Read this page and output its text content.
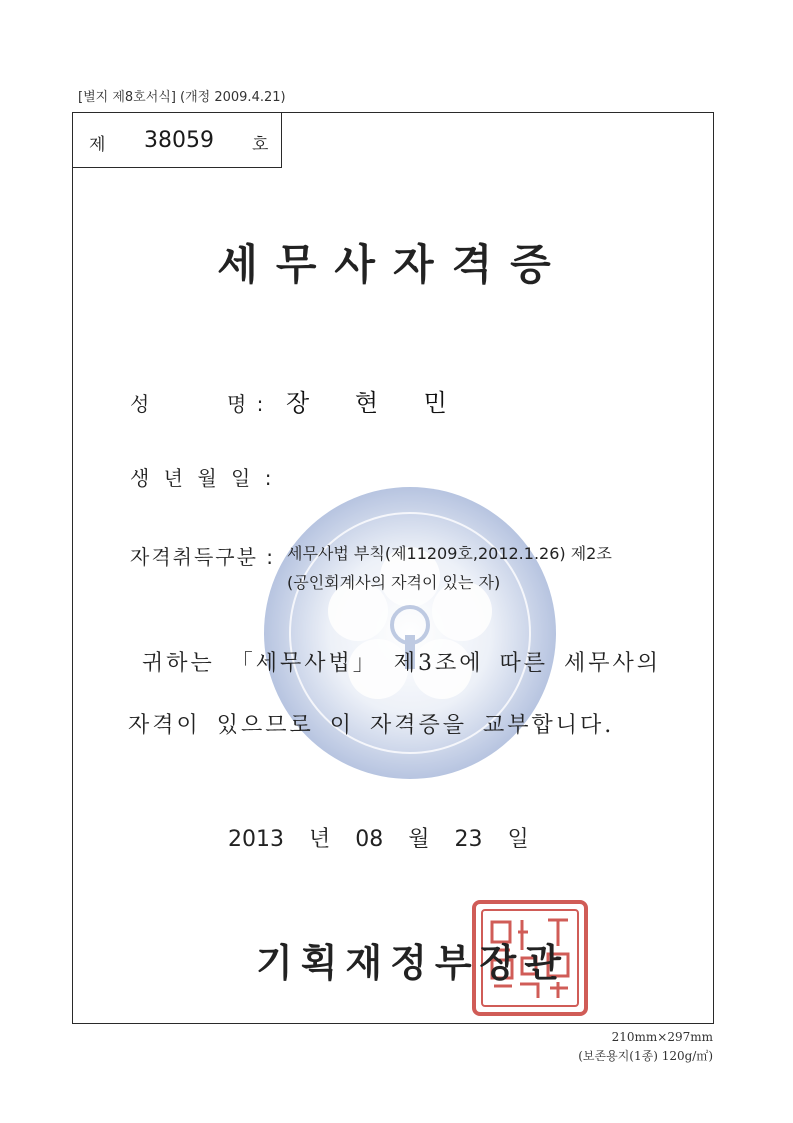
[별지 제8호서식] (개정 2009.4.21)
제 38059 호
세무사자격증
성	명 : 장 현 민
생 년 월 일 :
자격취득구분 : 세무사법 부칙(제11209호,2012.1.26) 제2조
(공인회계사의 자격이 있는 자)
귀하는 「세무사법」 제3조에 따른 세무사의
자격이 있으므로 이 자격증을 교부합니다.
2013 년 08 월 23 일
기획재정부장관
210mm×297mm
(보존용지(1종) 120g/㎡)
